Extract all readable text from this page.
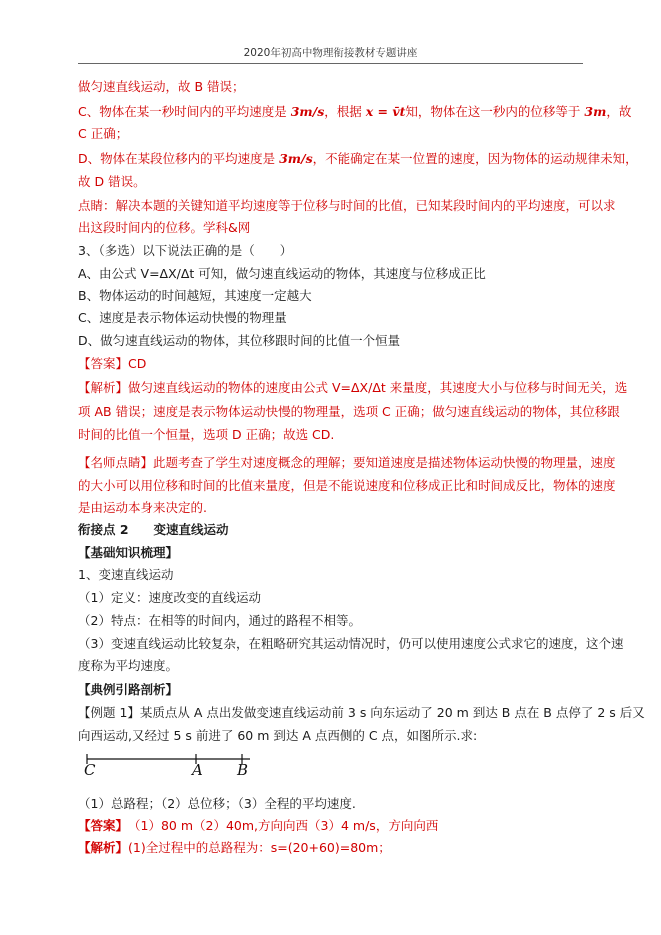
2020年初高中物理衔接教材专题讲座
做匀速直线运动，故 B 错误；
C、物体在某一秒时间内的平均速度是 3m/s，根据 x = v̄t知，物体在这一秒内的位移等于 3m，故
C 正确；
D、物体在某段位移内的平均速度是 3m/s，不能确定在某一位置的速度，因为物体的运动规律未知，
故 D 错误。
点睛：解决本题的关键知道平均速度等于位移与时间的比值，已知某段时间内的平均速度，可以求
出这段时间内的位移。学科&网
3、（多选）以下说法正确的是（　　）
A、由公式 V=ΔX/Δt 可知，做匀速直线运动的物体，其速度与位移成正比
B、物体运动的时间越短，其速度一定越大
C、速度是表示物体运动快慢的物理量
D、做匀速直线运动的物体，其位移跟时间的比值一个恒量
【答案】CD
【解析】做匀速直线运动的物体的速度由公式 V=ΔX/Δt 来量度，其速度大小与位移与时间无关，选
项 AB 错误；速度是表示物体运动快慢的物理量，选项 C 正确；做匀速直线运动的物体，其位移跟
时间的比值一个恒量，选项 D 正确；故选 CD.
【名师点睛】此题考查了学生对速度概念的理解；要知道速度是描述物体运动快慢的物理量，速度
的大小可以用位移和时间的比值来量度，但是不能说速度和位移成正比和时间成反比，物体的速度
是由运动本身来决定的.
衔接点 2　　变速直线运动
【基础知识梳理】
1、变速直线运动
（1）定义：速度改变的直线运动
（2）特点：在相等的时间内，通过的路程不相等。
（3）变速直线运动比较复杂，在粗略研究其运动情况时，仍可以使用速度公式求它的速度，这个速
度称为平均速度。
【典例引路剖析】
【例题 1】某质点从 A 点出发做变速直线运动前 3 s 向东运动了 20 m 到达 B 点在 B 点停了 2 s 后又
向西运动,又经过 5 s 前进了 60 m 到达 A 点西侧的 C 点，如图所示.求:
C	A B
（1）总路程；（2）总位移；（3）全程的平均速度.
【答案】　（1）80 m（2）40m,方向向西（3）4 m/s，方向向西
【解析】(1)全过程中的总路程为：s=(20+60)=80m；
